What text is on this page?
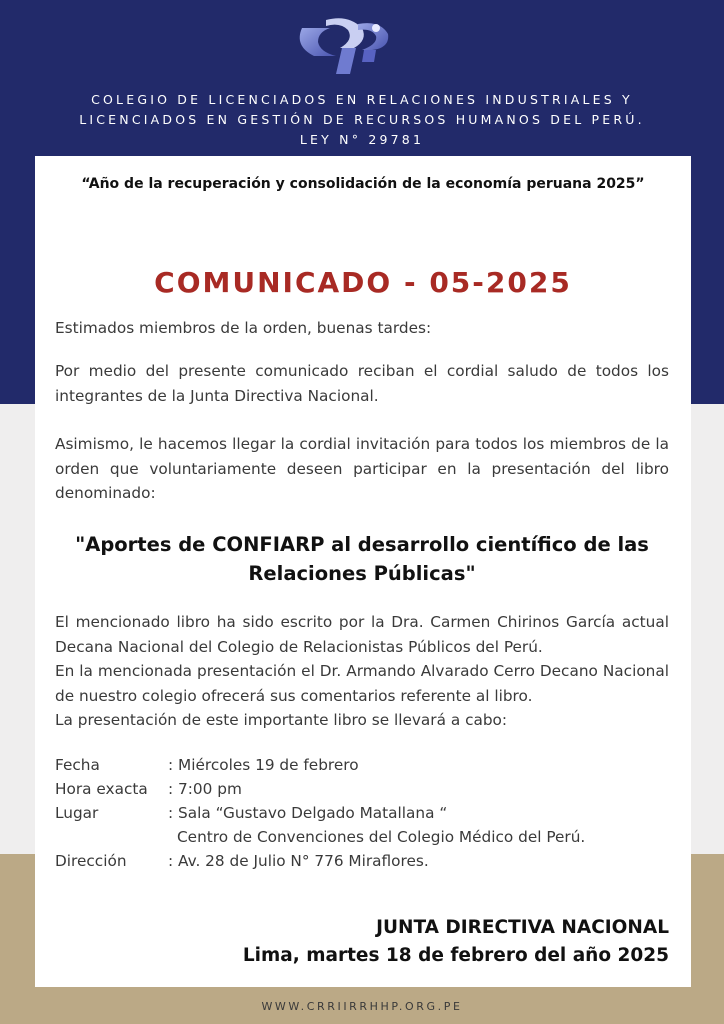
COLEGIO DE LICENCIADOS EN RELACIONES INDUSTRIALES Y
LICENCIADOS EN GESTIÓN DE RECURSOS HUMANOS DEL PERÚ.
LEY N° 29781
“Año de la recuperación y consolidación de la economía peruana 2025”
COMUNICADO - 05-2025
Estimados miembros de la orden, buenas tardes:
Por medio del presente comunicado reciban el cordial saludo de todos los integrantes de la Junta Directiva Nacional.
Asimismo, le hacemos llegar la cordial invitación para todos los miembros de la orden que voluntariamente deseen participar en la presentación del libro denominado:
"Aportes de CONFIARP al desarrollo científico de las
Relaciones Públicas"
El mencionado libro ha sido escrito por la Dra. Carmen Chirinos García actual Decana Nacional del Colegio de Relacionistas Públicos del Perú.
En la mencionada presentación el Dr. Armando Alvarado Cerro Decano Nacional de nuestro colegio ofrecerá sus comentarios referente al libro.
La presentación de este importante libro se llevará a cabo:
Fecha	: Miércoles 19 de febrero
Hora exacta	: 7:00 pm
Lugar	: Sala “Gustavo Delgado Matallana “
Centro de Convenciones del Colegio Médico del Perú.
Dirección	: Av. 28 de Julio N° 776 Miraflores.
JUNTA DIRECTIVA NACIONAL
Lima, martes 18 de febrero del año 2025
WWW.CRRIIRRHHP.ORG.PE
